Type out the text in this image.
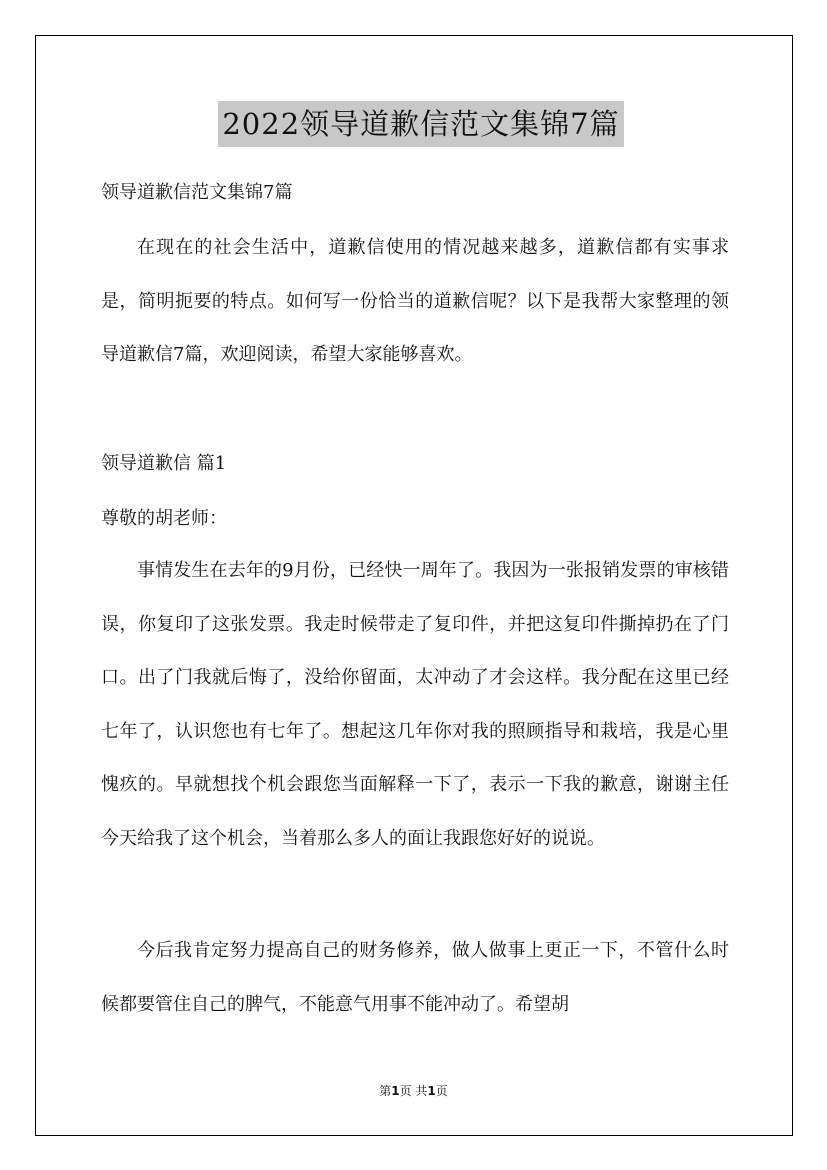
2022领导道歉信范文集锦7篇
领导道歉信范文集锦7篇
在现在的社会生活中，道歉信使用的情况越来越多，道歉信都有实事求是，简明扼要的特点。如何写一份恰当的道歉信呢？以下是我帮大家整理的领导道歉信7篇，欢迎阅读，希望大家能够喜欢。
领导道歉信 篇1
尊敬的胡老师：
事情发生在去年的9月份，已经快一周年了。我因为一张报销发票的审核错误，你复印了这张发票。我走时候带走了复印件，并把这复印件撕掉扔在了门口。出了门我就后悔了，没给你留面，太冲动了才会这样。我分配在这里已经七年了，认识您也有七年了。想起这几年你对我的照顾指导和栽培，我是心里愧疚的。早就想找个机会跟您当面解释一下了，表示一下我的歉意，谢谢主任今天给我了这个机会，当着那么多人的面让我跟您好好的说说。
今后我肯定努力提高自己的财务修养，做人做事上更正一下，不管什么时候都要管住自己的脾气，不能意气用事不能冲动了。希望胡
第1页 共1页
